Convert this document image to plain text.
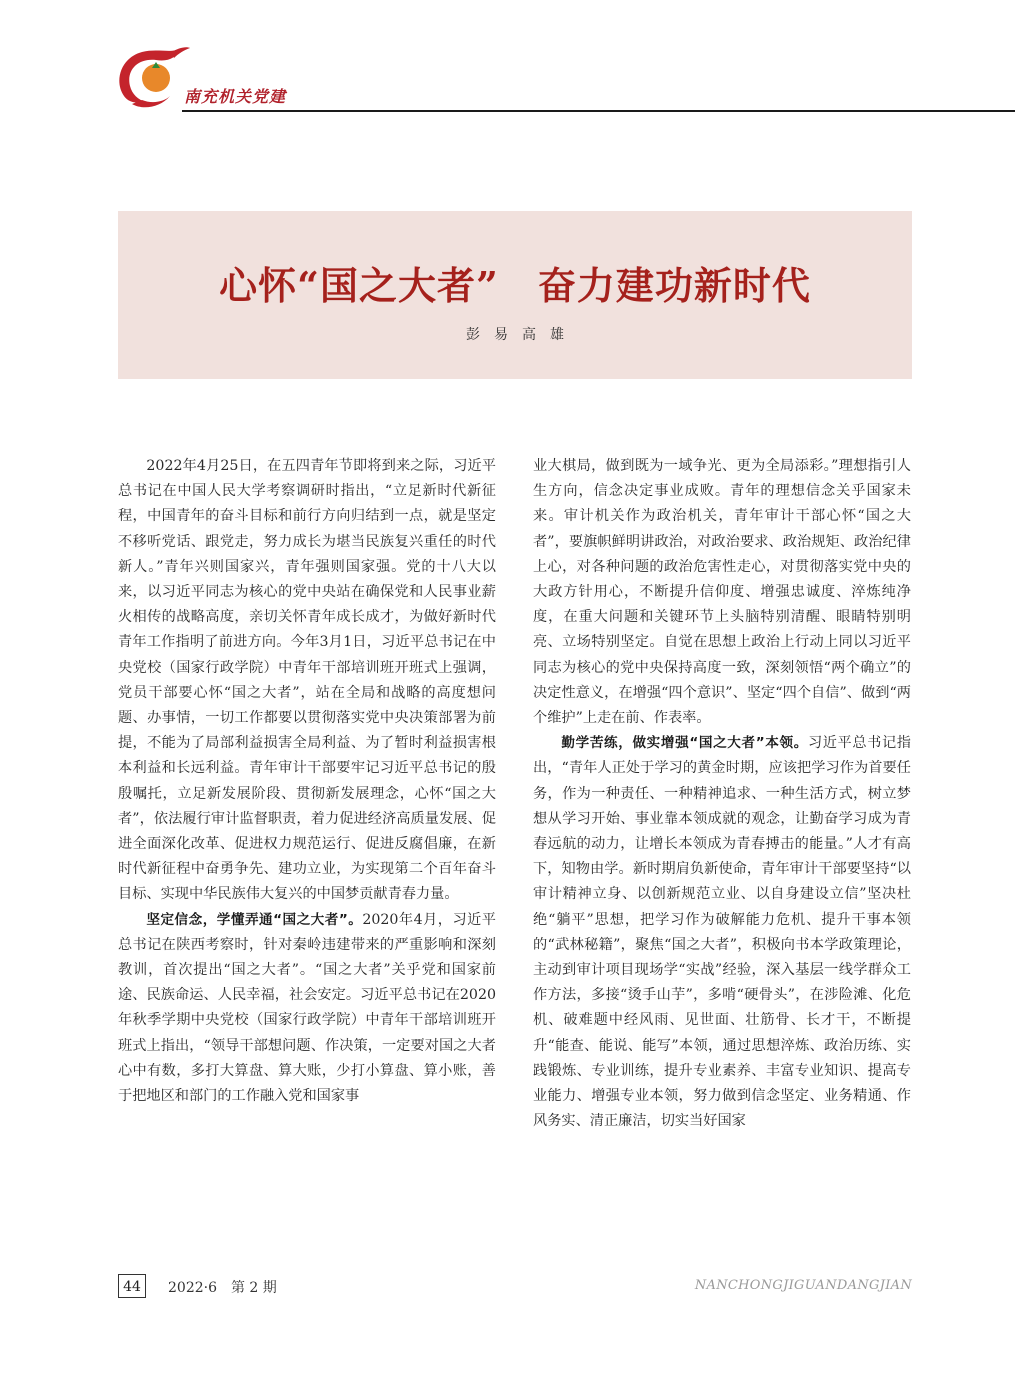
南充机关党建
心怀“国之大者”　奋力建功新时代
彭易高雄

2022年4月25日，在五四青年节即将到来之际，习近平总书记在中国人民大学考察调研时指出，“立足新时代新征程，中国青年的奋斗目标和前行方向归结到一点，就是坚定不移听党话、跟党走，努力成长为堪当民族复兴重任的时代新人。”青年兴则国家兴，青年强则国家强。党的十八大以来，以习近平同志为核心的党中央站在确保党和人民事业薪火相传的战略高度，亲切关怀青年成长成才，为做好新时代青年工作指明了前进方向。今年3月1日，习近平总书记在中央党校（国家行政学院）中青年干部培训班开班式上强调，党员干部要心怀“国之大者”，站在全局和战略的高度想问题、办事情，一切工作都要以贯彻落实党中央决策部署为前提，不能为了局部利益损害全局利益、为了暂时利益损害根本利益和长远利益。青年审计干部要牢记习近平总书记的殷殷嘱托，立足新发展阶段、贯彻新发展理念，心怀“国之大者”，依法履行审计监督职责，着力促进经济高质量发展、促进全面深化改革、促进权力规范运行、促进反腐倡廉，在新时代新征程中奋勇争先、建功立业，为实现第二个百年奋斗目标、实现中华民族伟大复兴的中国梦贡献青春力量。

坚定信念，学懂弄通“国之大者”。2020年4月，习近平总书记在陕西考察时，针对秦岭违建带来的严重影响和深刻教训，首次提出“国之大者”。“国之大者”关乎党和国家前途、民族命运、人民幸福，社会安定。习近平总书记在2020年秋季学期中央党校（国家行政学院）中青年干部培训班开班式上指出，“领导干部想问题、作决策，一定要对国之大者心中有数，多打大算盘、算大账，少打小算盘、算小账，善于把地区和部门的工作融入党和国家事

业大棋局，做到既为一域争光、更为全局添彩。”理想指引人生方向，信念决定事业成败。青年的理想信念关乎国家未来。审计机关作为政治机关，青年审计干部心怀“国之大者”，要旗帜鲜明讲政治，对政治要求、政治规矩、政治纪律上心，对各种问题的政治危害性走心，对贯彻落实党中央的大政方针用心，不断提升信仰度、增强忠诚度、淬炼纯净度，在重大问题和关键环节上头脑特别清醒、眼睛特别明亮、立场特别坚定。自觉在思想上政治上行动上同以习近平同志为核心的党中央保持高度一致，深刻领悟“两个确立”的决定性意义，在增强“四个意识”、坚定“四个自信”、做到“两个维护”上走在前、作表率。

勤学苦练，做实增强“国之大者”本领。习近平总书记指出，“青年人正处于学习的黄金时期，应该把学习作为首要任务，作为一种责任、一种精神追求、一种生活方式，树立梦想从学习开始、事业靠本领成就的观念，让勤奋学习成为青春远航的动力，让增长本领成为青春搏击的能量。”人才有高下，知物由学。新时期肩负新使命，青年审计干部要坚持“以审计精神立身、以创新规范立业、以自身建设立信”坚决杜绝“躺平”思想，把学习作为破解能力危机、提升干事本领的“武林秘籍”，聚焦“国之大者”，积极向书本学政策理论，主动到审计项目现场学“实战”经验，深入基层一线学群众工作方法，多接“烫手山芋”，多啃“硬骨头”，在涉险滩、化危机、破难题中经风雨、见世面、壮筋骨、长才干，不断提升“能查、能说、能写”本领，通过思想淬炼、政治历练、实践锻炼、专业训练，提升专业素养、丰富专业知识、提高专业能力、增强专业本领，努力做到信念坚定、业务精通、作风务实、清正廉洁，切实当好国家

44	2022·6　第 2 期	NANCHONGJIGUANDANGJIAN
